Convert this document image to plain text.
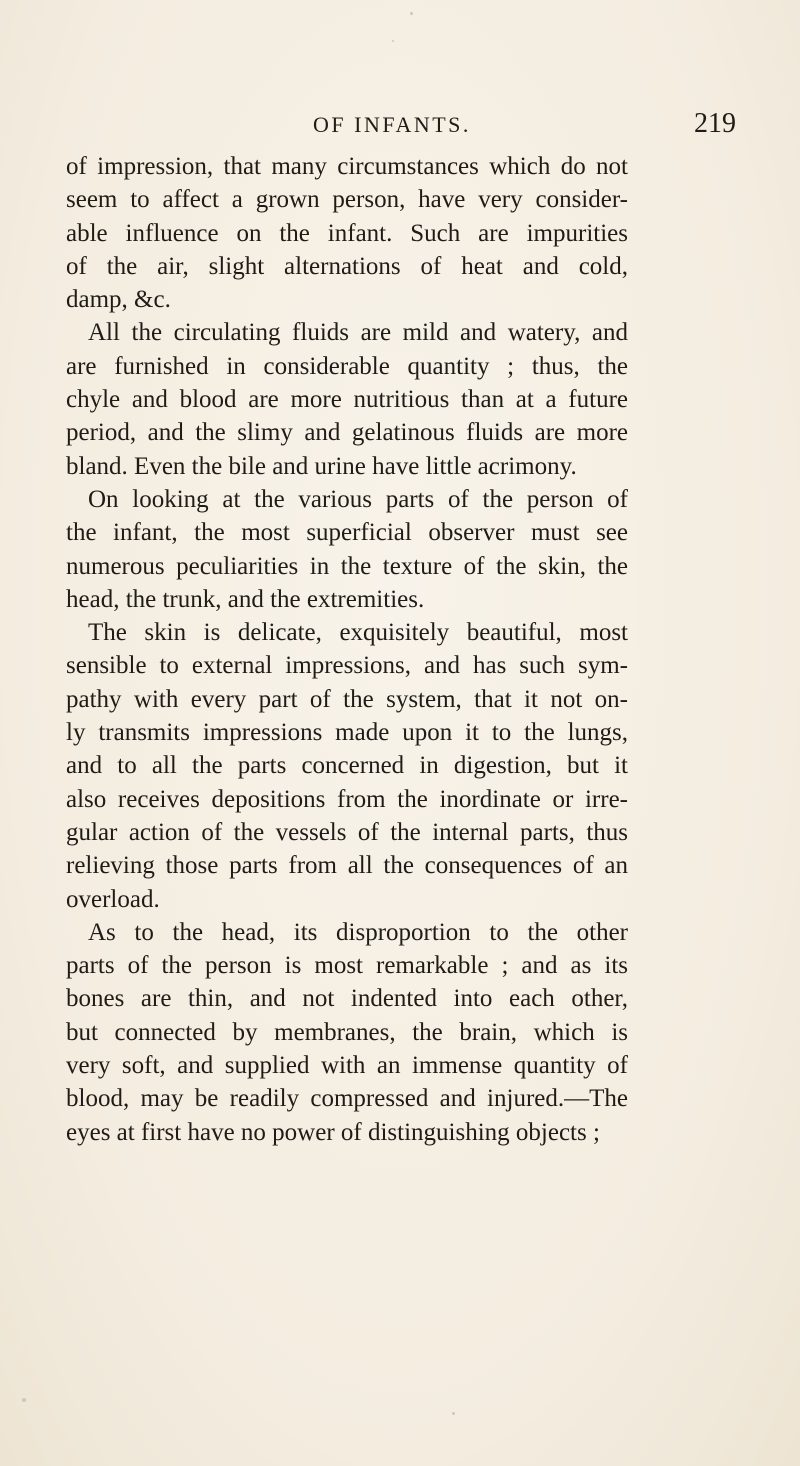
OF INFANTS.	219
of impression, that many circumstances which do not
seem to affect a grown person, have very consider-
able influence on the infant. Such are impurities
of the air, slight alternations of heat and cold,
damp, &c.
All the circulating fluids are mild and watery, and
are furnished in considerable quantity ; thus, the
chyle and blood are more nutritious than at a future
period, and the slimy and gelatinous fluids are more
bland. Even the bile and urine have little acrimony.
On looking at the various parts of the person of
the infant, the most superficial observer must see
numerous peculiarities in the texture of the skin, the
head, the trunk, and the extremities.
The skin is delicate, exquisitely beautiful, most
sensible to external impressions, and has such sym-
pathy with every part of the system, that it not on-
ly transmits impressions made upon it to the lungs,
and to all the parts concerned in digestion, but it
also receives depositions from the inordinate or irre-
gular action of the vessels of the internal parts, thus
relieving those parts from all the consequences of an
overload.
As to the head, its disproportion to the other
parts of the person is most remarkable ; and as its
bones are thin, and not indented into each other,
but connected by membranes, the brain, which is
very soft, and supplied with an immense quantity of
blood, may be readily compressed and injured.—The
eyes at first have no power of distinguishing objects ;
